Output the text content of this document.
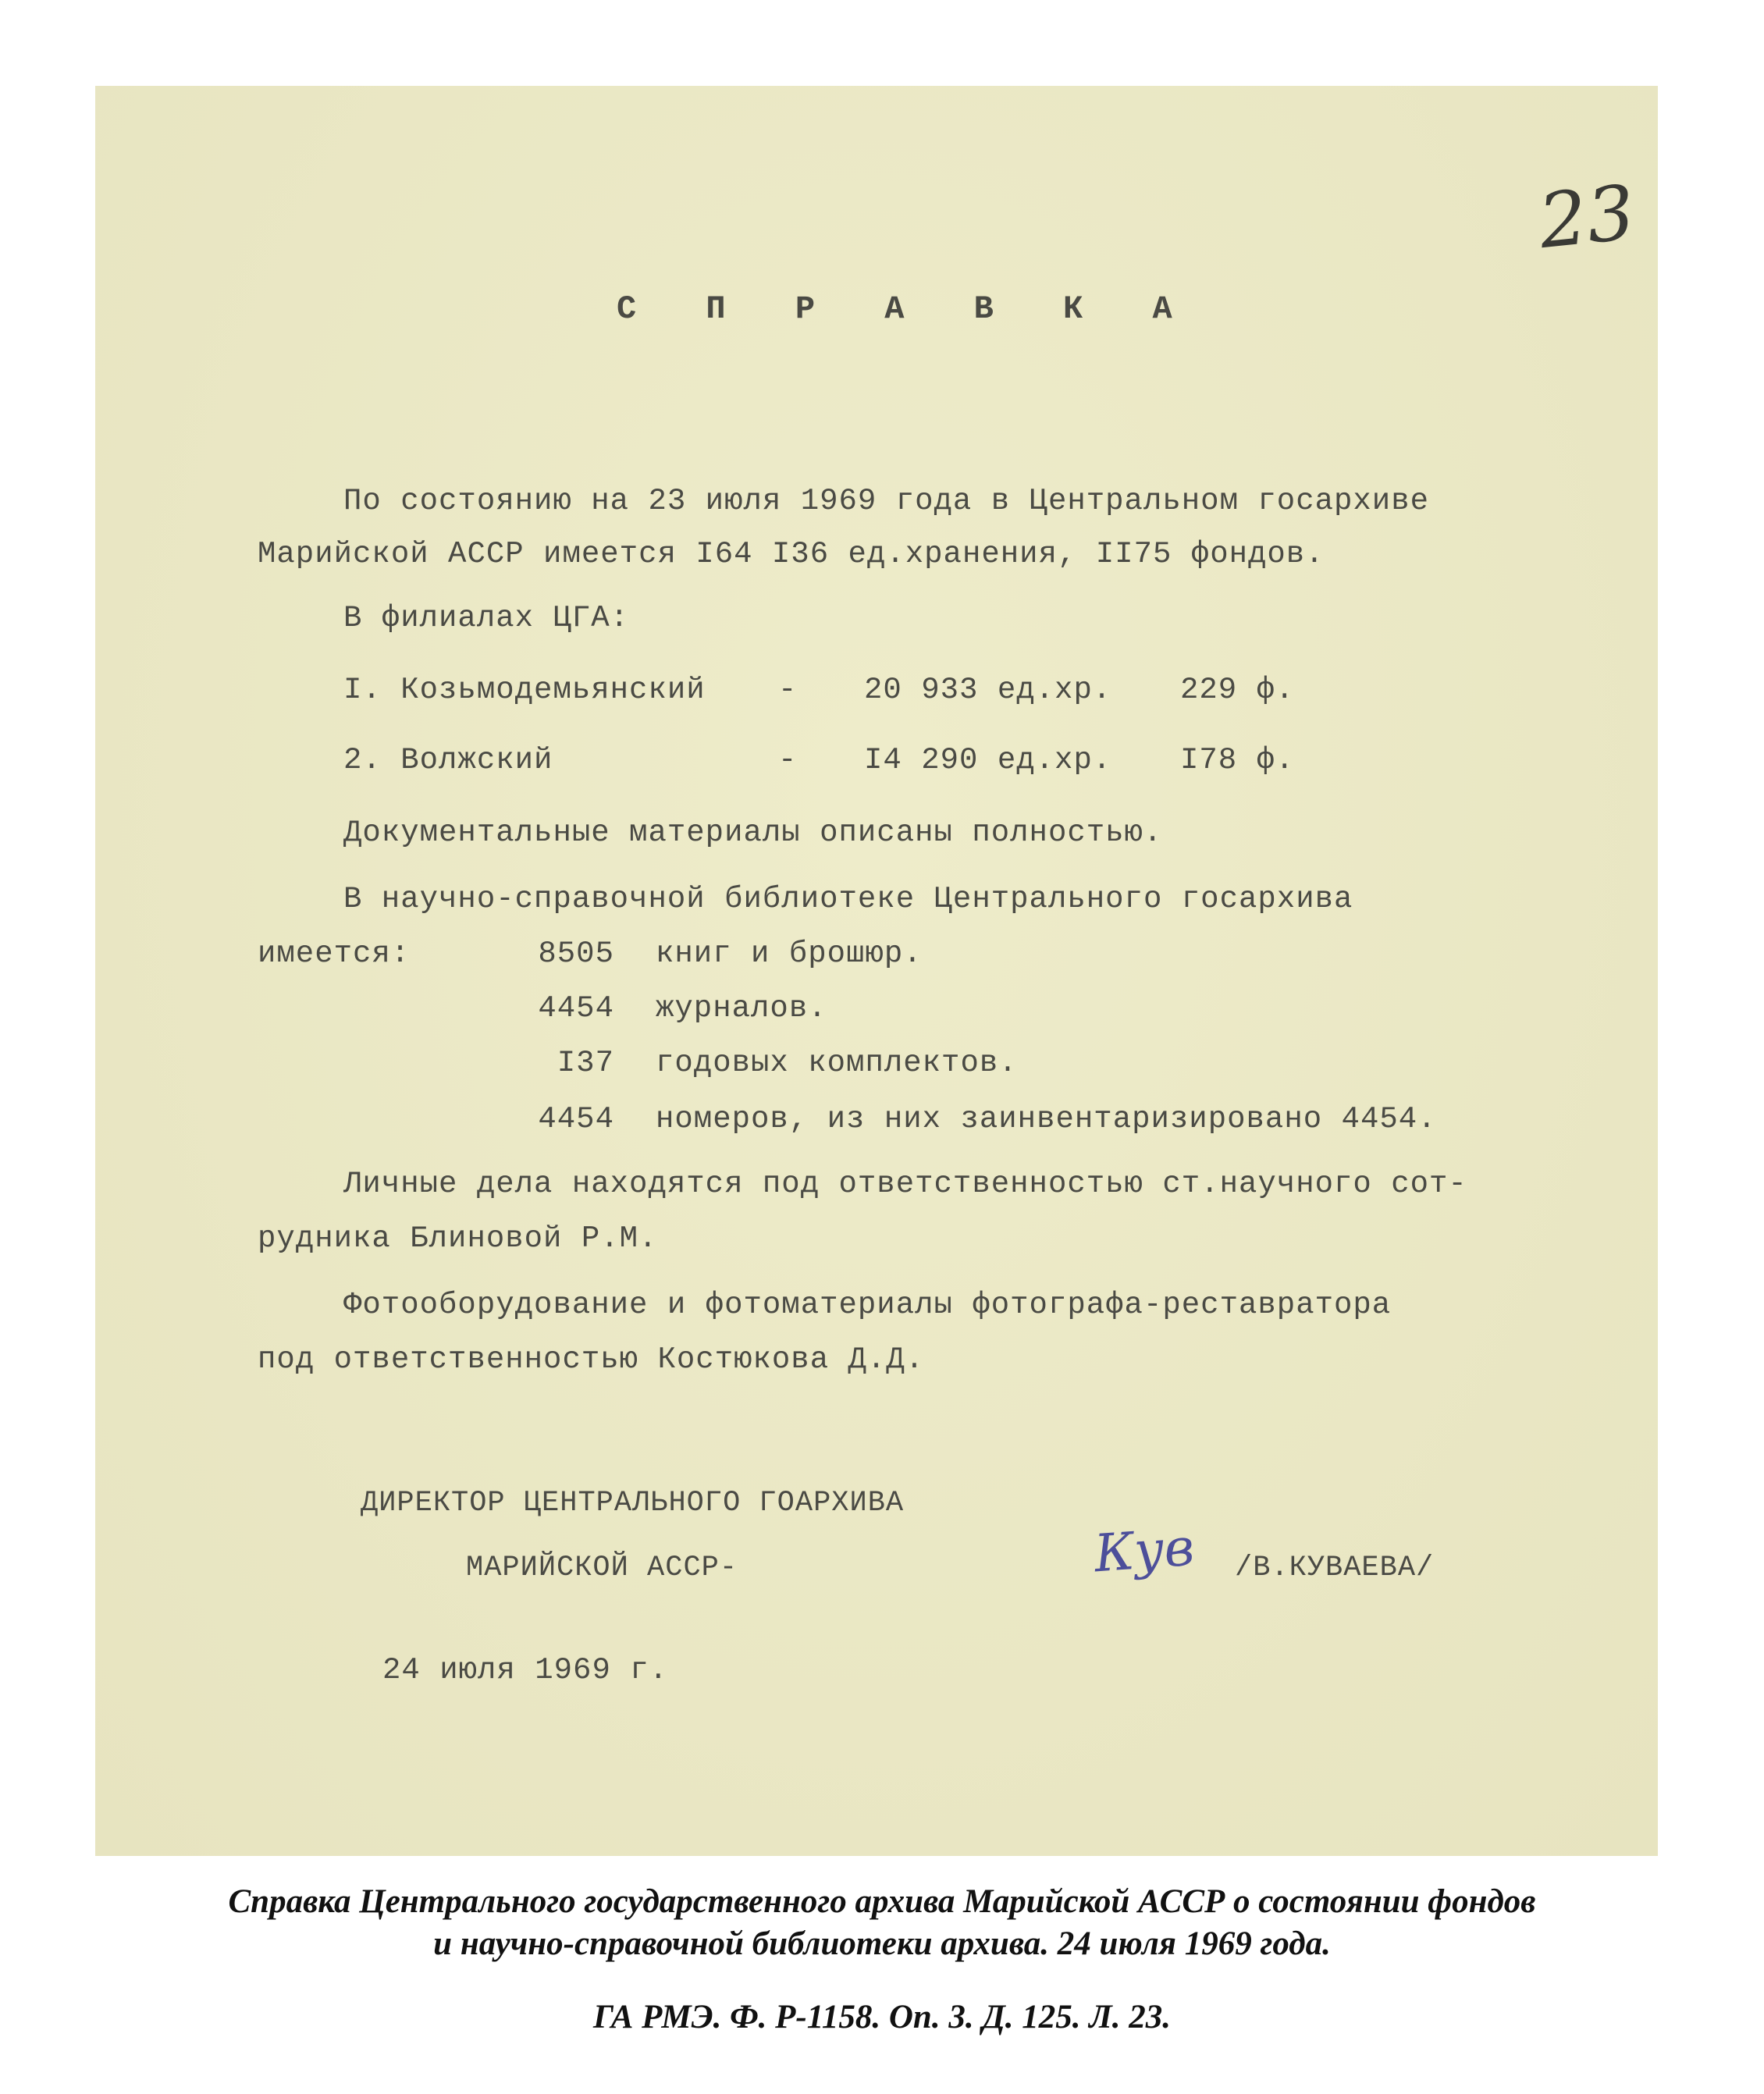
23
С П Р А В К А
По состоянию на 23 июля 1969 года в Центральном госархиве
Марийской АССР имеется I64 I36 ед.хранения, II75 фондов.
В филиалах ЦГА:
I. Козьмодемьянский - 20 933 ед.хр. 229 ф.
2. Волжский	- I4 290 ед.хр. I78 ф.
Документальные материалы описаны полностью.
В научно-справочной библиотеке Центрального госархива
имеется:	8505 книг и брошюр.
4454 журналов.
I37 годовых комплектов.
4454 номеров, из них заинвентаризировано 4454.
Личные дела находятся под ответственностью ст.научного сот-
рудника Блиновой Р.М.
Фотооборудование и фотоматериалы фотографа-реставратора
под ответственностью Костюкова Д.Д.
ДИРЕКТОР ЦЕНТРАЛЬНОГО ГОАРХИВА
МАРИЙСКОЙ АССР-	Кув /В.КУВАЕВА/
24 июля 1969 г.
Справка Центрального государственного архива Марийской АССР о состоянии фондов
и научно-справочной библиотеки архива. 24 июля 1969 года.
ГА РМЭ. Ф. Р-1158. Оп. 3. Д. 125. Л. 23.
